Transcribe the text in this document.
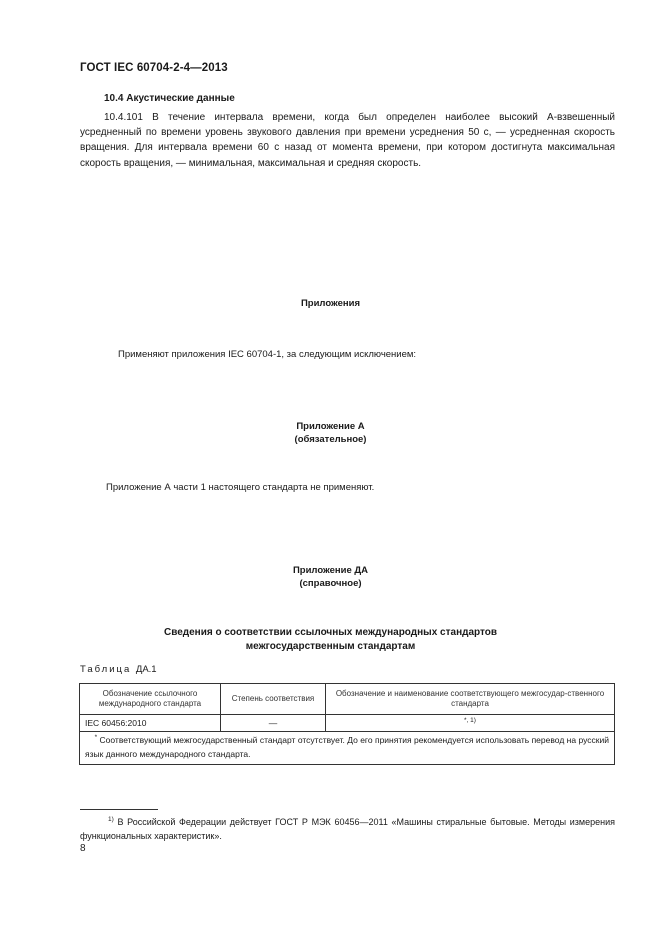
ГОСТ IEC 60704-2-4—2013
10.4 Акустические данные
10.4.101 В течение интервала времени, когда был определен наиболее высокий А-взвешенный усредненный по времени уровень звукового давления при времени усреднения 50 с, — усредненная скорость вращения. Для интервала времени 60 с назад от момента времени, при котором достигнута максимальная скорость вращения, — минимальная, максимальная и средняя скорость.
Приложения
Применяют приложения IEC 60704-1, за следующим исключением:
Приложение А
(обязательное)
Приложение А части 1 настоящего стандарта не применяют.
Приложение ДА
(справочное)
Сведения о соответствии ссылочных международных стандартов
межгосударственным стандартам
Таблица ДА.1
Обозначение ссылочного международного стандарта	Степень соответствия	Обозначение и наименование соответствующего межгосудар-ственного стандарта
IEC 60456:2010	—	$^{*, 1)}$
* Соответствующий межгосударственный стандарт отсутствует. До его принятия рекомендуется использовать перевод на русский язык данного международного стандарта.		
$^{1)}$ В Российской Федерации действует ГОСТ Р МЭК 60456—2011 «Машины стиральные бытовые. Методы измерения функциональных характеристик».
8
